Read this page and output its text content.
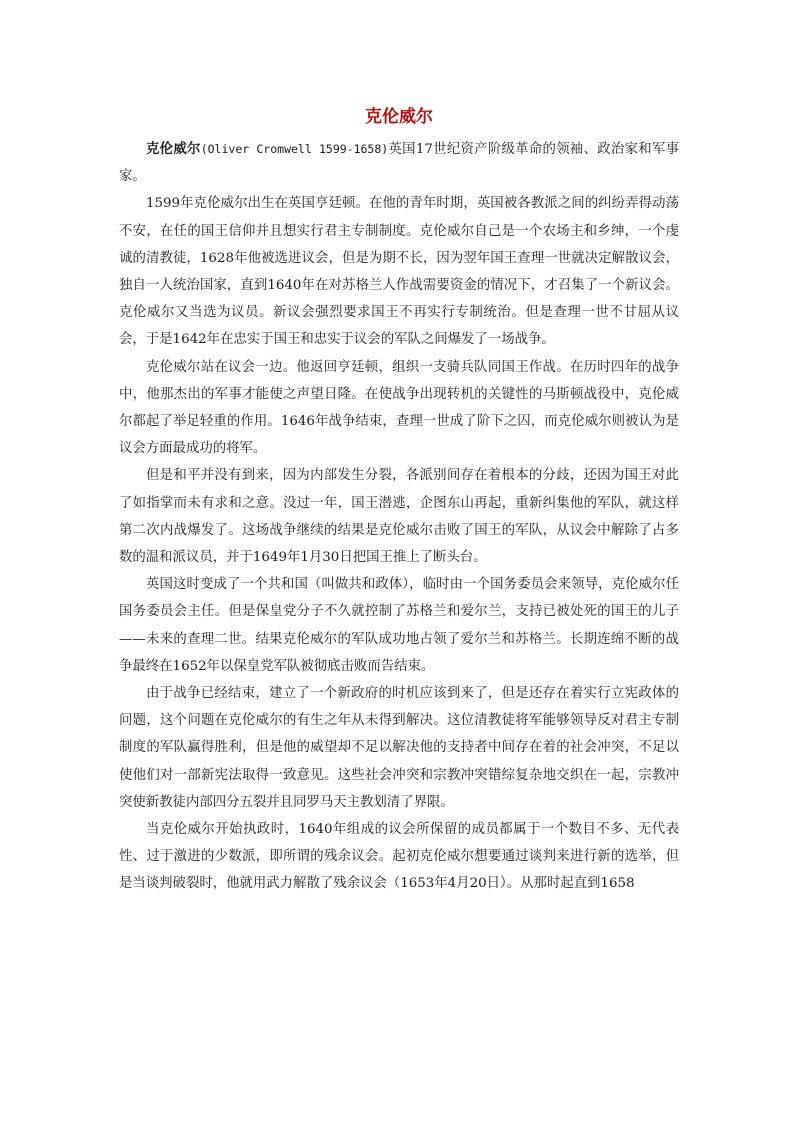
克伦威尔

克伦威尔(Oliver Cromwell 1599-1658)英国17世纪资产阶级革命的领袖、政治家和军事家。

1599年克伦威尔出生在英国亨廷顿。在他的青年时期，英国被各教派之间的纠纷弄得动荡不安，在任的国王信仰并且想实行君主专制制度。克伦威尔自己是一个农场主和乡绅，一个虔诚的清教徒，1628年他被选进议会，但是为期不长，因为翌年国王查理一世就决定解散议会，独自一人统治国家，直到1640年在对苏格兰人作战需要资金的情况下，才召集了一个新议会。克伦威尔又当选为议员。新议会强烈要求国王不再实行专制统治。但是查理一世不甘屈从议会，于是1642年在忠实于国王和忠实于议会的军队之间爆发了一场战争。

克伦威尔站在议会一边。他返回亨廷顿，组织一支骑兵队同国王作战。在历时四年的战争中，他那杰出的军事才能使之声望日隆。在使战争出现转机的关键性的马斯顿战役中，克伦威尔都起了举足轻重的作用。1646年战争结束，查理一世成了阶下之囚，而克伦威尔则被认为是议会方面最成功的将军。

但是和平并没有到来，因为内部发生分裂，各派别间存在着根本的分歧，还因为国王对此了如指掌而未有求和之意。没过一年，国王潜逃，企图东山再起，重新纠集他的军队，就这样第二次内战爆发了。这场战争继续的结果是克伦威尔击败了国王的军队，从议会中解除了占多数的温和派议员，并于1649年1月30日把国王推上了断头台。

英国这时变成了一个共和国（叫做共和政体），临时由一个国务委员会来领导，克伦威尔任国务委员会主任。但是保皇党分子不久就控制了苏格兰和爱尔兰，支持已被处死的国王的儿子——未来的查理二世。结果克伦威尔的军队成功地占领了爱尔兰和苏格兰。长期连绵不断的战争最终在1652年以保皇党军队被彻底击败而告结束。

由于战争已经结束，建立了一个新政府的时机应该到来了，但是还存在着实行立宪政体的问题，这个问题在克伦威尔的有生之年从未得到解决。这位清教徒将军能够领导反对君主专制制度的军队赢得胜利，但是他的威望却不足以解决他的支持者中间存在着的社会冲突，不足以使他们对一部新宪法取得一致意见。这些社会冲突和宗教冲突错综复杂地交织在一起，宗教冲突使新教徒内部四分五裂并且同罗马天主教划清了界限。

当克伦威尔开始执政时，1640年组成的议会所保留的成员都属于一个数目不多、无代表性、过于激进的少数派，即所谓的残余议会。起初克伦威尔想要通过谈判来进行新的选举，但是当谈判破裂时，他就用武力解散了残余议会（1653年4月20日）。从那时起直到1658
